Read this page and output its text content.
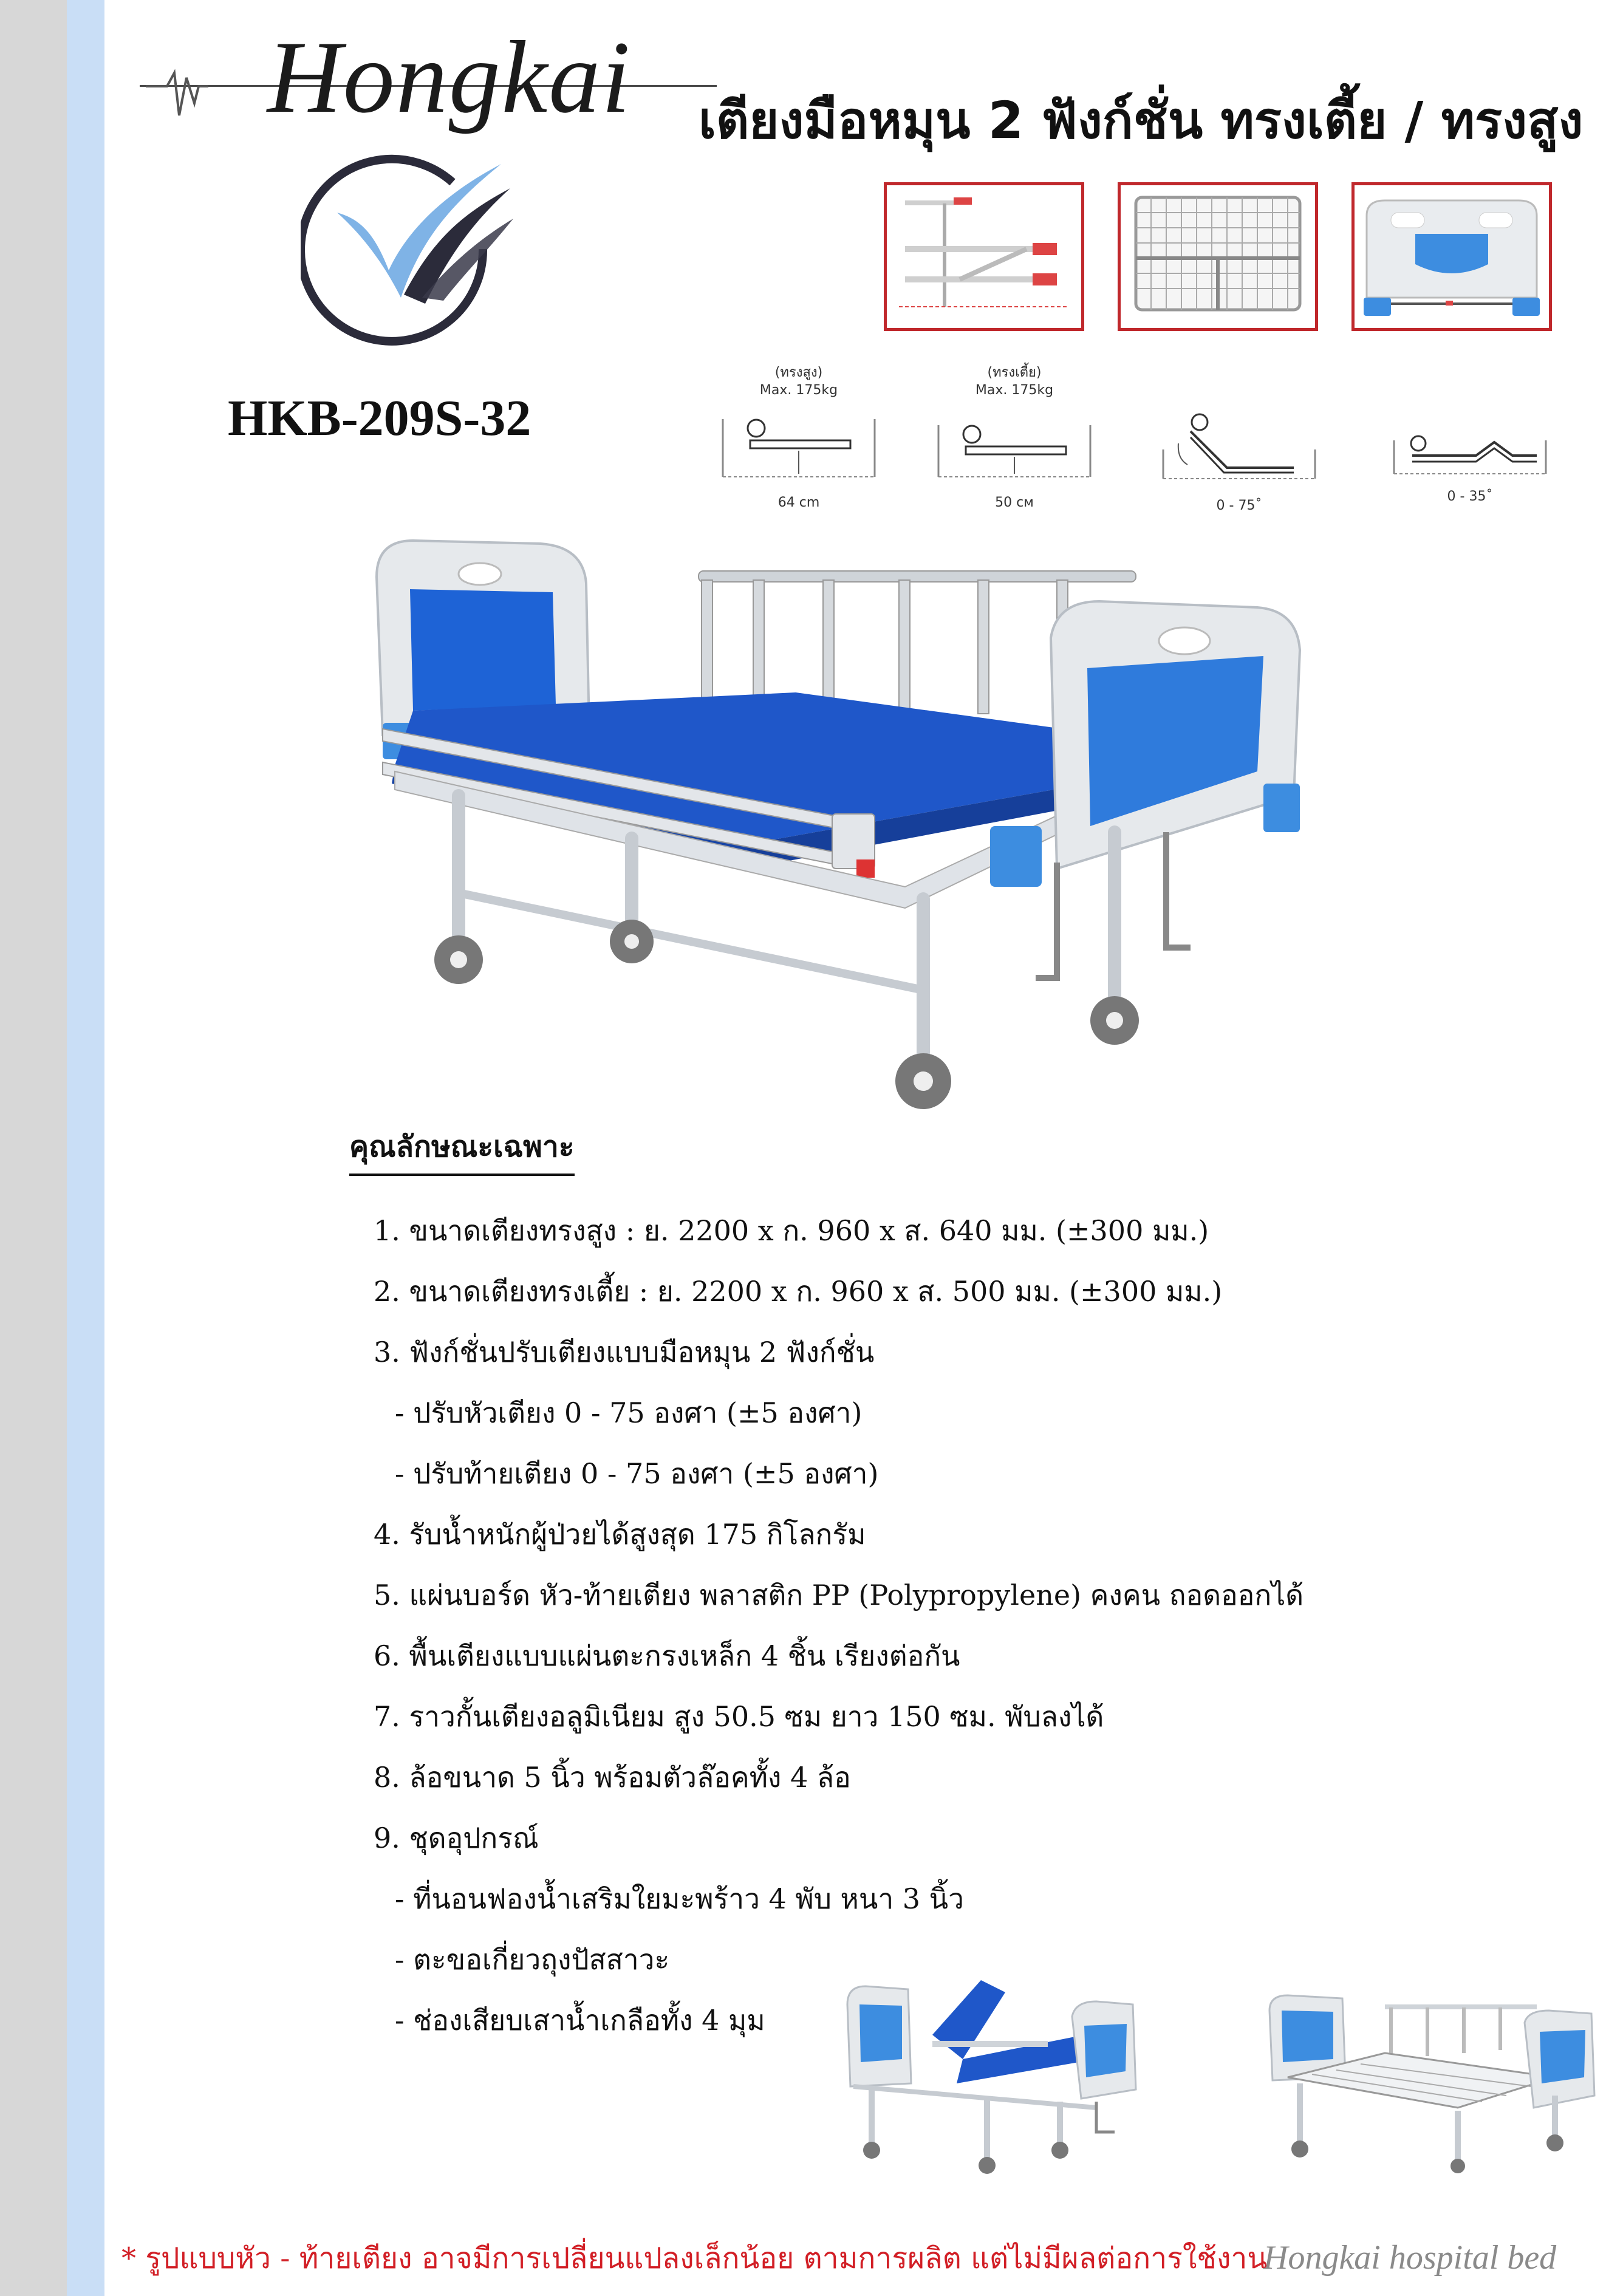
Hongkai เตียงมือหมุน 2 ฟังก์ชั่น ทรงเตี้ย / ทรงสูง
HKB-209S-32
(ทรงสูง)
Max. 175kg
64 cm
(ทรงเตี้ย)
Max. 175kg
50 cм	0 - 75˚
0 - 35˚
คุณลักษณะเฉพาะ
1. ขนาดเตียงทรงสูง : ย. 2200 x ก. 960 x ส. 640 มม. (±300 มม.)
2. ขนาดเตียงทรงเตี้ย : ย. 2200 x ก. 960 x ส. 500 มม. (±300 มม.)
3. ฟังก์ชั่นปรับเตียงแบบมือหมุน 2 ฟังก์ชั่น
- ปรับหัวเตียง 0 - 75 องศา (±5 องศา)
- ปรับท้ายเตียง 0 - 75 องศา (±5 องศา)
4. รับน้ำหนักผู้ป่วยได้สูงสุด 175 กิโลกรัม
5. แผ่นบอร์ด หัว-ท้ายเตียง พลาสติก PP (Polypropylene) คงคน ถอดออกได้
6. พื้นเตียงแบบแผ่นตะกรงเหล็ก 4 ชิ้น เรียงต่อกัน
7. ราวกั้นเตียงอลูมิเนียม สูง 50.5 ซม ยาว 150 ซม. พับลงได้
8. ล้อขนาด 5 นิ้ว พร้อมตัวล๊อคทั้ง 4 ล้อ
9. ชุดอุปกรณ์
- ที่นอนฟองน้ำเสริมใยมะพร้าว 4 พับ หนา 3 นิ้ว
- ตะขอเกี่ยวถุงปัสสาวะ
- ช่องเสียบเสาน้ำเกลือทั้ง 4 มุม
* รูปแบบหัว - ท้ายเตียง อาจมีการเปลี่ยนแปลงเล็กน้อย ตามการผลิต แต่ไม่มีผลต่อการใช้งาน
Hongkai hospital bed
